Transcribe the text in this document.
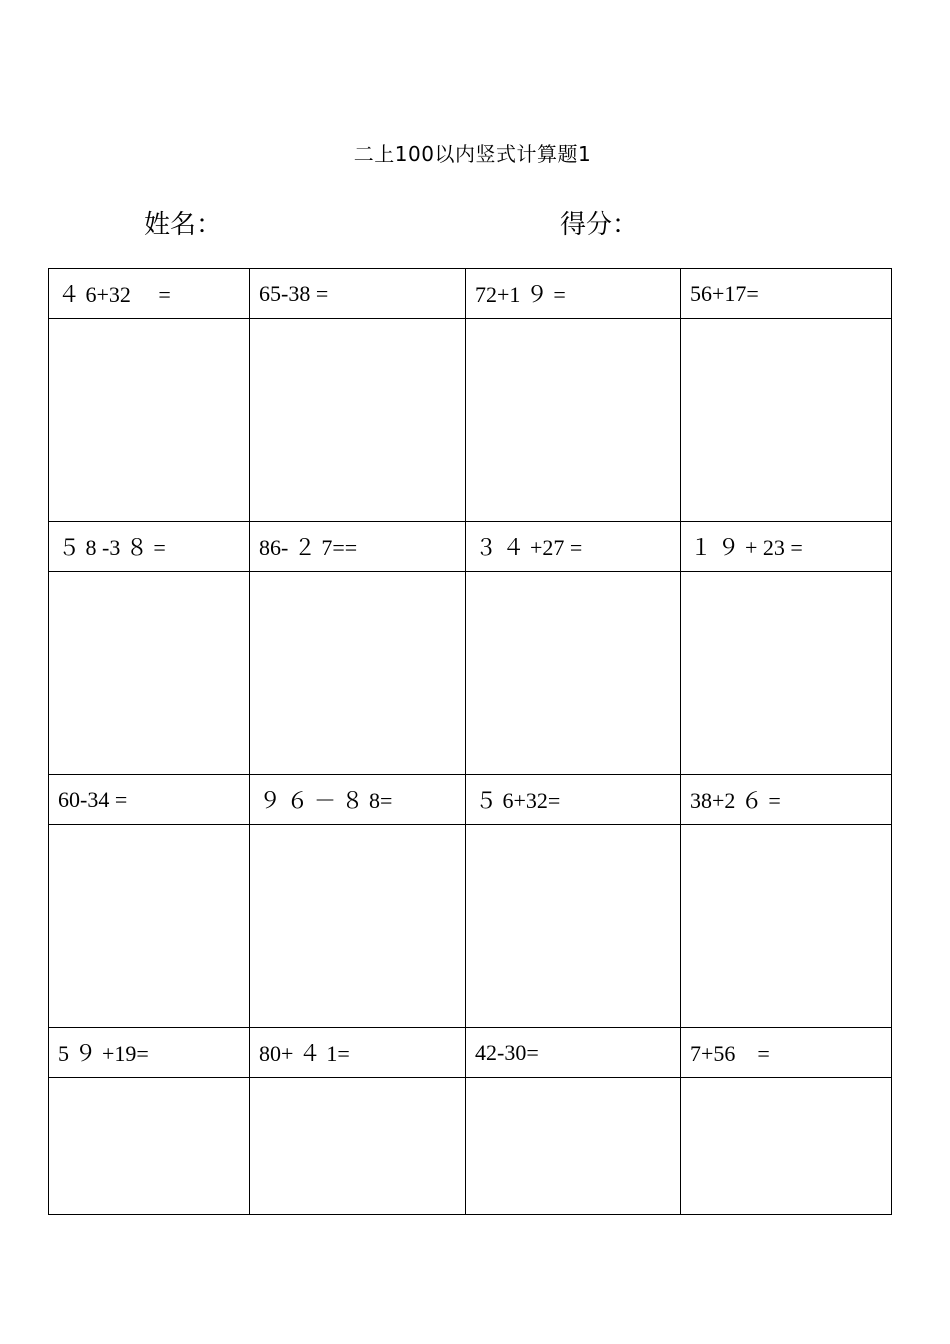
二上100以内竖式计算题1
姓名：	得分：
４ 6+32　 =	65-38 =	72+1 ９ =	56+17=

５ 8 -3 ８ =	86- ２ 7==	３ ４ +27 =	１ ９ + 23 =

60-34 =	９ ６ － ８ 8=	５ 6+32=	38+2 ６ =

5 ９ +19=	80+ ４ 1=	42-30=	7+56　=
